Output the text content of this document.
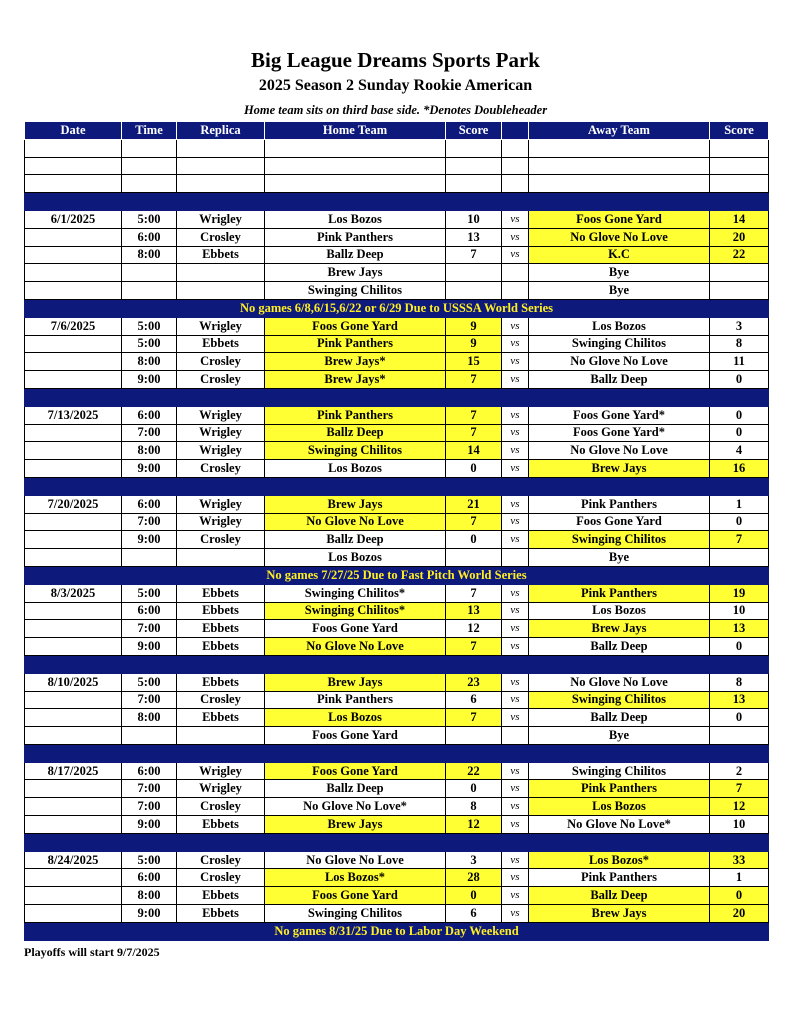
Big League Dreams Sports Park
2025 Season 2 Sunday Rookie American
Home team sits on third base side. *Denotes Doubleheader
Date	Time	Replica	Home Team	Score		Away Team	Score

6/1/2025	5:00	Wrigley	Los Bozos	10	vs	Foos Gone Yard	14
	6:00	Crosley	Pink Panthers	13	vs	No Glove No Love	20
	8:00	Ebbets	Ballz Deep	7	vs	K.C	22
			Brew Jays			Bye	
			Swinging Chilitos			Bye	
No games 6/8,6/15,6/22 or 6/29 Due to USSSA World Series							
7/6/2025	5:00	Wrigley	Foos Gone Yard	9	vs	Los Bozos	3
	5:00	Ebbets	Pink Panthers	9	vs	Swinging Chilitos	8
	8:00	Crosley	Brew Jays*	15	vs	No Glove No Love	11
	9:00	Crosley	Brew Jays*	7	vs	Ballz Deep	0

7/13/2025	6:00	Wrigley	Pink Panthers	7	vs	Foos Gone Yard*	0
	7:00	Wrigley	Ballz Deep	7	vs	Foos Gone Yard*	0
	8:00	Wrigley	Swinging Chilitos	14	vs	No Glove No Love	4
	9:00	Crosley	Los Bozos	0	vs	Brew Jays	16

7/20/2025	6:00	Wrigley	Brew Jays	21	vs	Pink Panthers	1
	7:00	Wrigley	No Glove No Love	7	vs	Foos Gone Yard	0
	9:00	Crosley	Ballz Deep	0	vs	Swinging Chilitos	7
			Los Bozos			Bye	
No games 7/27/25 Due to Fast Pitch World Series							
8/3/2025	5:00	Ebbets	Swinging Chilitos*	7	vs	Pink Panthers	19
	6:00	Ebbets	Swinging Chilitos*	13	vs	Los Bozos	10
	7:00	Ebbets	Foos Gone Yard	12	vs	Brew Jays	13
	9:00	Ebbets	No Glove No Love	7	vs	Ballz Deep	0

8/10/2025	5:00	Ebbets	Brew Jays	23	vs	No Glove No Love	8
	7:00	Crosley	Pink Panthers	6	vs	Swinging Chilitos	13
	8:00	Ebbets	Los Bozos	7	vs	Ballz Deep	0
			Foos Gone Yard			Bye	

8/17/2025	6:00	Wrigley	Foos Gone Yard	22	vs	Swinging Chilitos	2
	7:00	Wrigley	Ballz Deep	0	vs	Pink Panthers	7
	7:00	Crosley	No Glove No Love*	8	vs	Los Bozos	12
	9:00	Ebbets	Brew Jays	12	vs	No Glove No Love*	10

8/24/2025	5:00	Crosley	No Glove No Love	3	vs	Los Bozos*	33
	6:00	Crosley	Los Bozos*	28	vs	Pink Panthers	1
	8:00	Ebbets	Foos Gone Yard	0	vs	Ballz Deep	0
	9:00	Ebbets	Swinging Chilitos	6	vs	Brew Jays	20
No games 8/31/25 Due to Labor Day Weekend							
Playoffs will start 9/7/2025
